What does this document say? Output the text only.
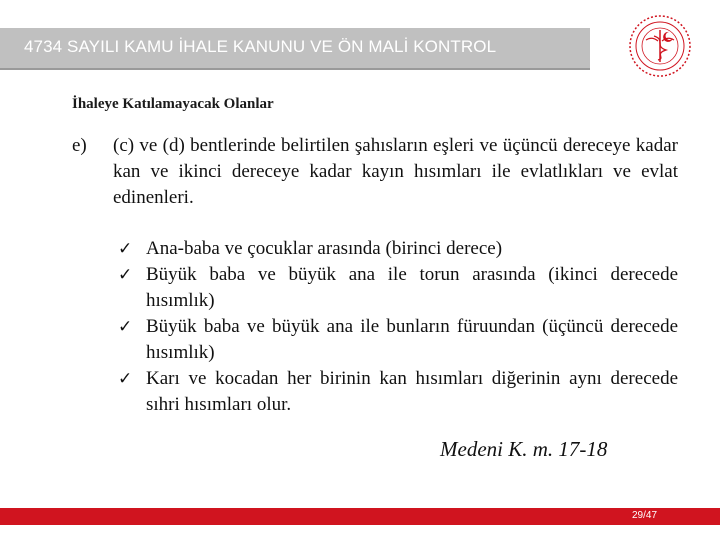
4734 SAYILI KAMU İHALE KANUNU VE ÖN MALİ KONTROL
İhaleye Katılamayacak Olanlar
e) (c) ve (d) bentlerinde belirtilen şahısların eşleri ve üçüncü dereceye kadar kan ve ikinci dereceye kadar kayın hısımları ile evlatlıkları ve evlat edinenleri.
✓ Ana-baba ve çocuklar arasında (birinci derece)
✓ Büyük baba ve büyük ana ile torun arasında (ikinci derecede hısımlık)
✓ Büyük baba ve büyük ana ile bunların füruundan (üçüncü derecede hısımlık)
✓ Karı ve kocadan her birinin kan hısımları diğerinin aynı derecede sıhri hısımları olur.
Medeni K. m. 17-18
29/47
